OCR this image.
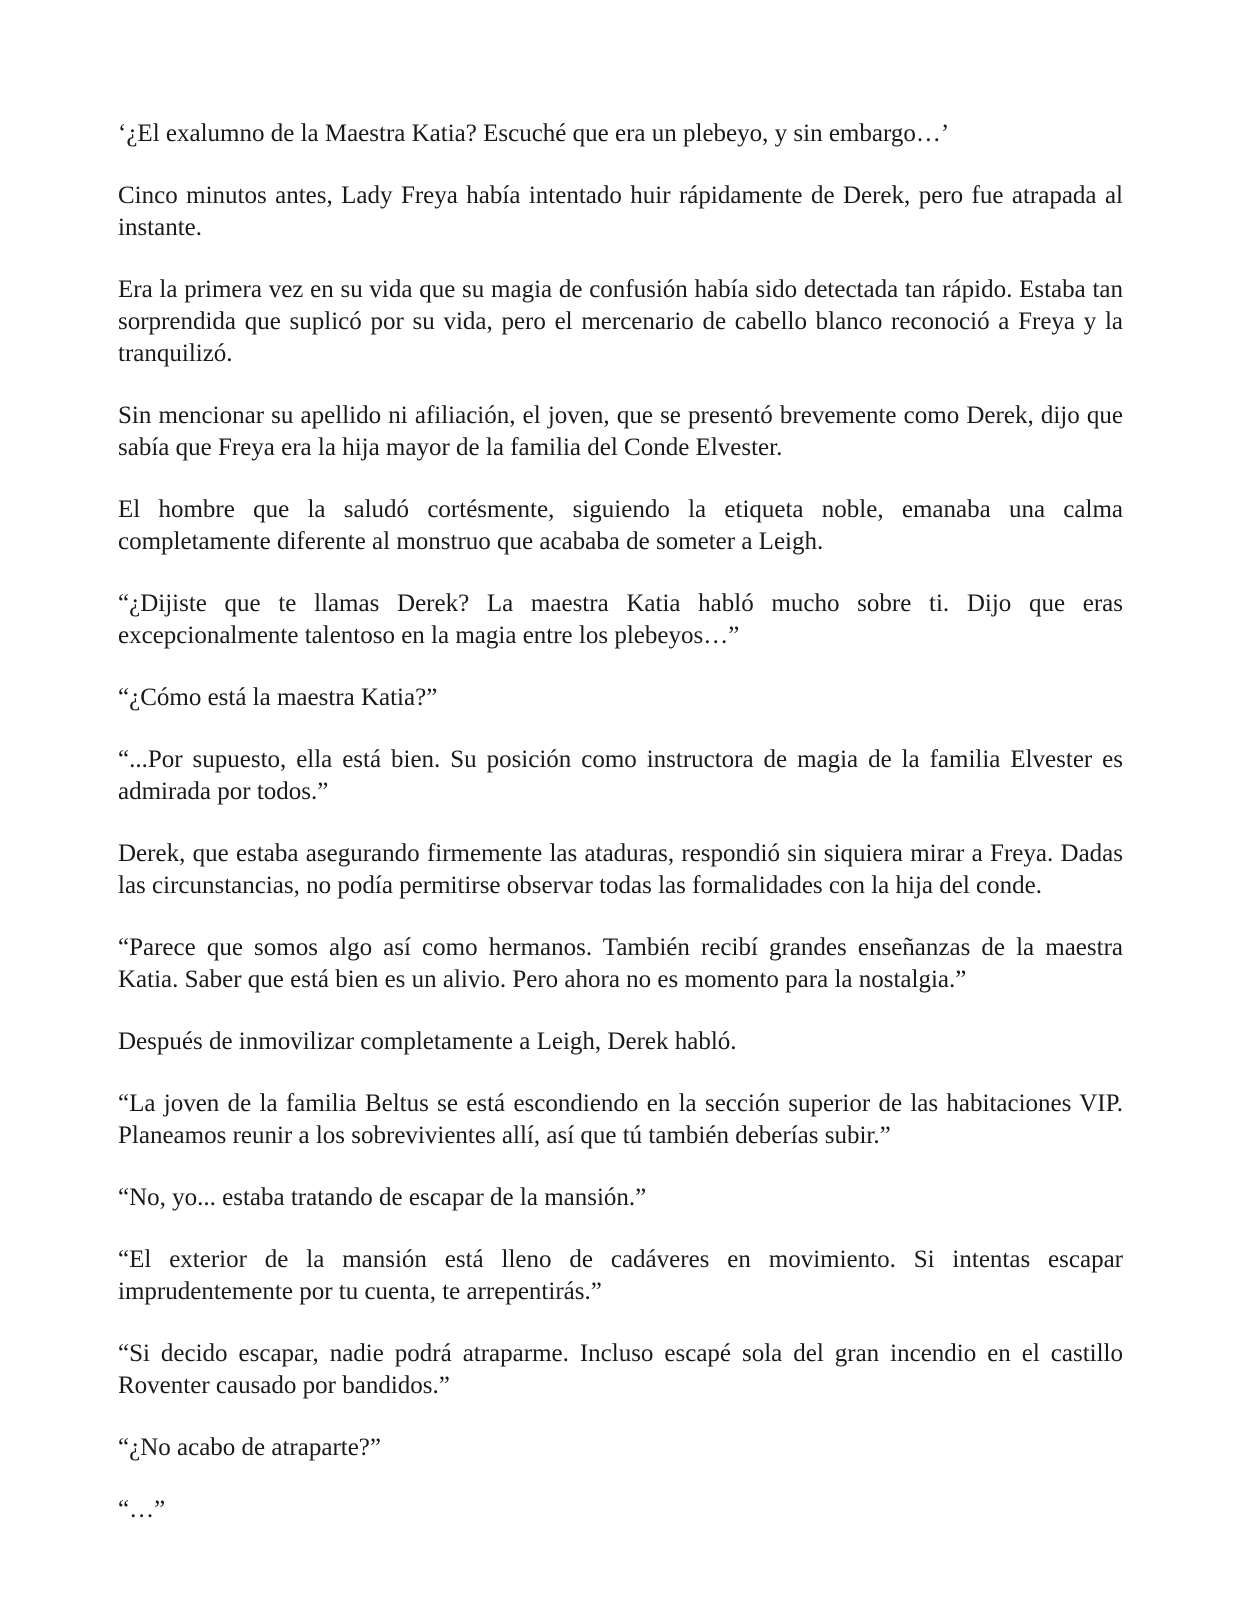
‘¿El exalumno de la Maestra Katia? Escuché que era un plebeyo, y sin embargo…’

Cinco minutos antes, Lady Freya había intentado huir rápidamente de Derek, pero fue atrapada al instante.

Era la primera vez en su vida que su magia de confusión había sido detectada tan rápido. Estaba tan sorprendida que suplicó por su vida, pero el mercenario de cabello blanco reconoció a Freya y la tranquilizó.

Sin mencionar su apellido ni afiliación, el joven, que se presentó brevemente como Derek, dijo que sabía que Freya era la hija mayor de la familia del Conde Elvester.

El hombre que la saludó cortésmente, siguiendo la etiqueta noble, emanaba una calma completamente diferente al monstruo que acababa de someter a Leigh.

“¿Dijiste que te llamas Derek? La maestra Katia habló mucho sobre ti. Dijo que eras excepcionalmente talentoso en la magia entre los plebeyos…”

“¿Cómo está la maestra Katia?”

“...Por supuesto, ella está bien. Su posición como instructora de magia de la familia Elvester es admirada por todos.”

Derek, que estaba asegurando firmemente las ataduras, respondió sin siquiera mirar a Freya. Dadas las circunstancias, no podía permitirse observar todas las formalidades con la hija del conde.

“Parece que somos algo así como hermanos. También recibí grandes enseñanzas de la maestra Katia. Saber que está bien es un alivio. Pero ahora no es momento para la nostalgia.”

Después de inmovilizar completamente a Leigh, Derek habló.

“La joven de la familia Beltus se está escondiendo en la sección superior de las habitaciones VIP. Planeamos reunir a los sobrevivientes allí, así que tú también deberías subir.”

“No, yo... estaba tratando de escapar de la mansión.”

“El exterior de la mansión está lleno de cadáveres en movimiento. Si intentas escapar imprudentemente por tu cuenta, te arrepentirás.”

“Si decido escapar, nadie podrá atraparme. Incluso escapé sola del gran incendio en el castillo Roventer causado por bandidos.”

“¿No acabo de atraparte?”

“…”
